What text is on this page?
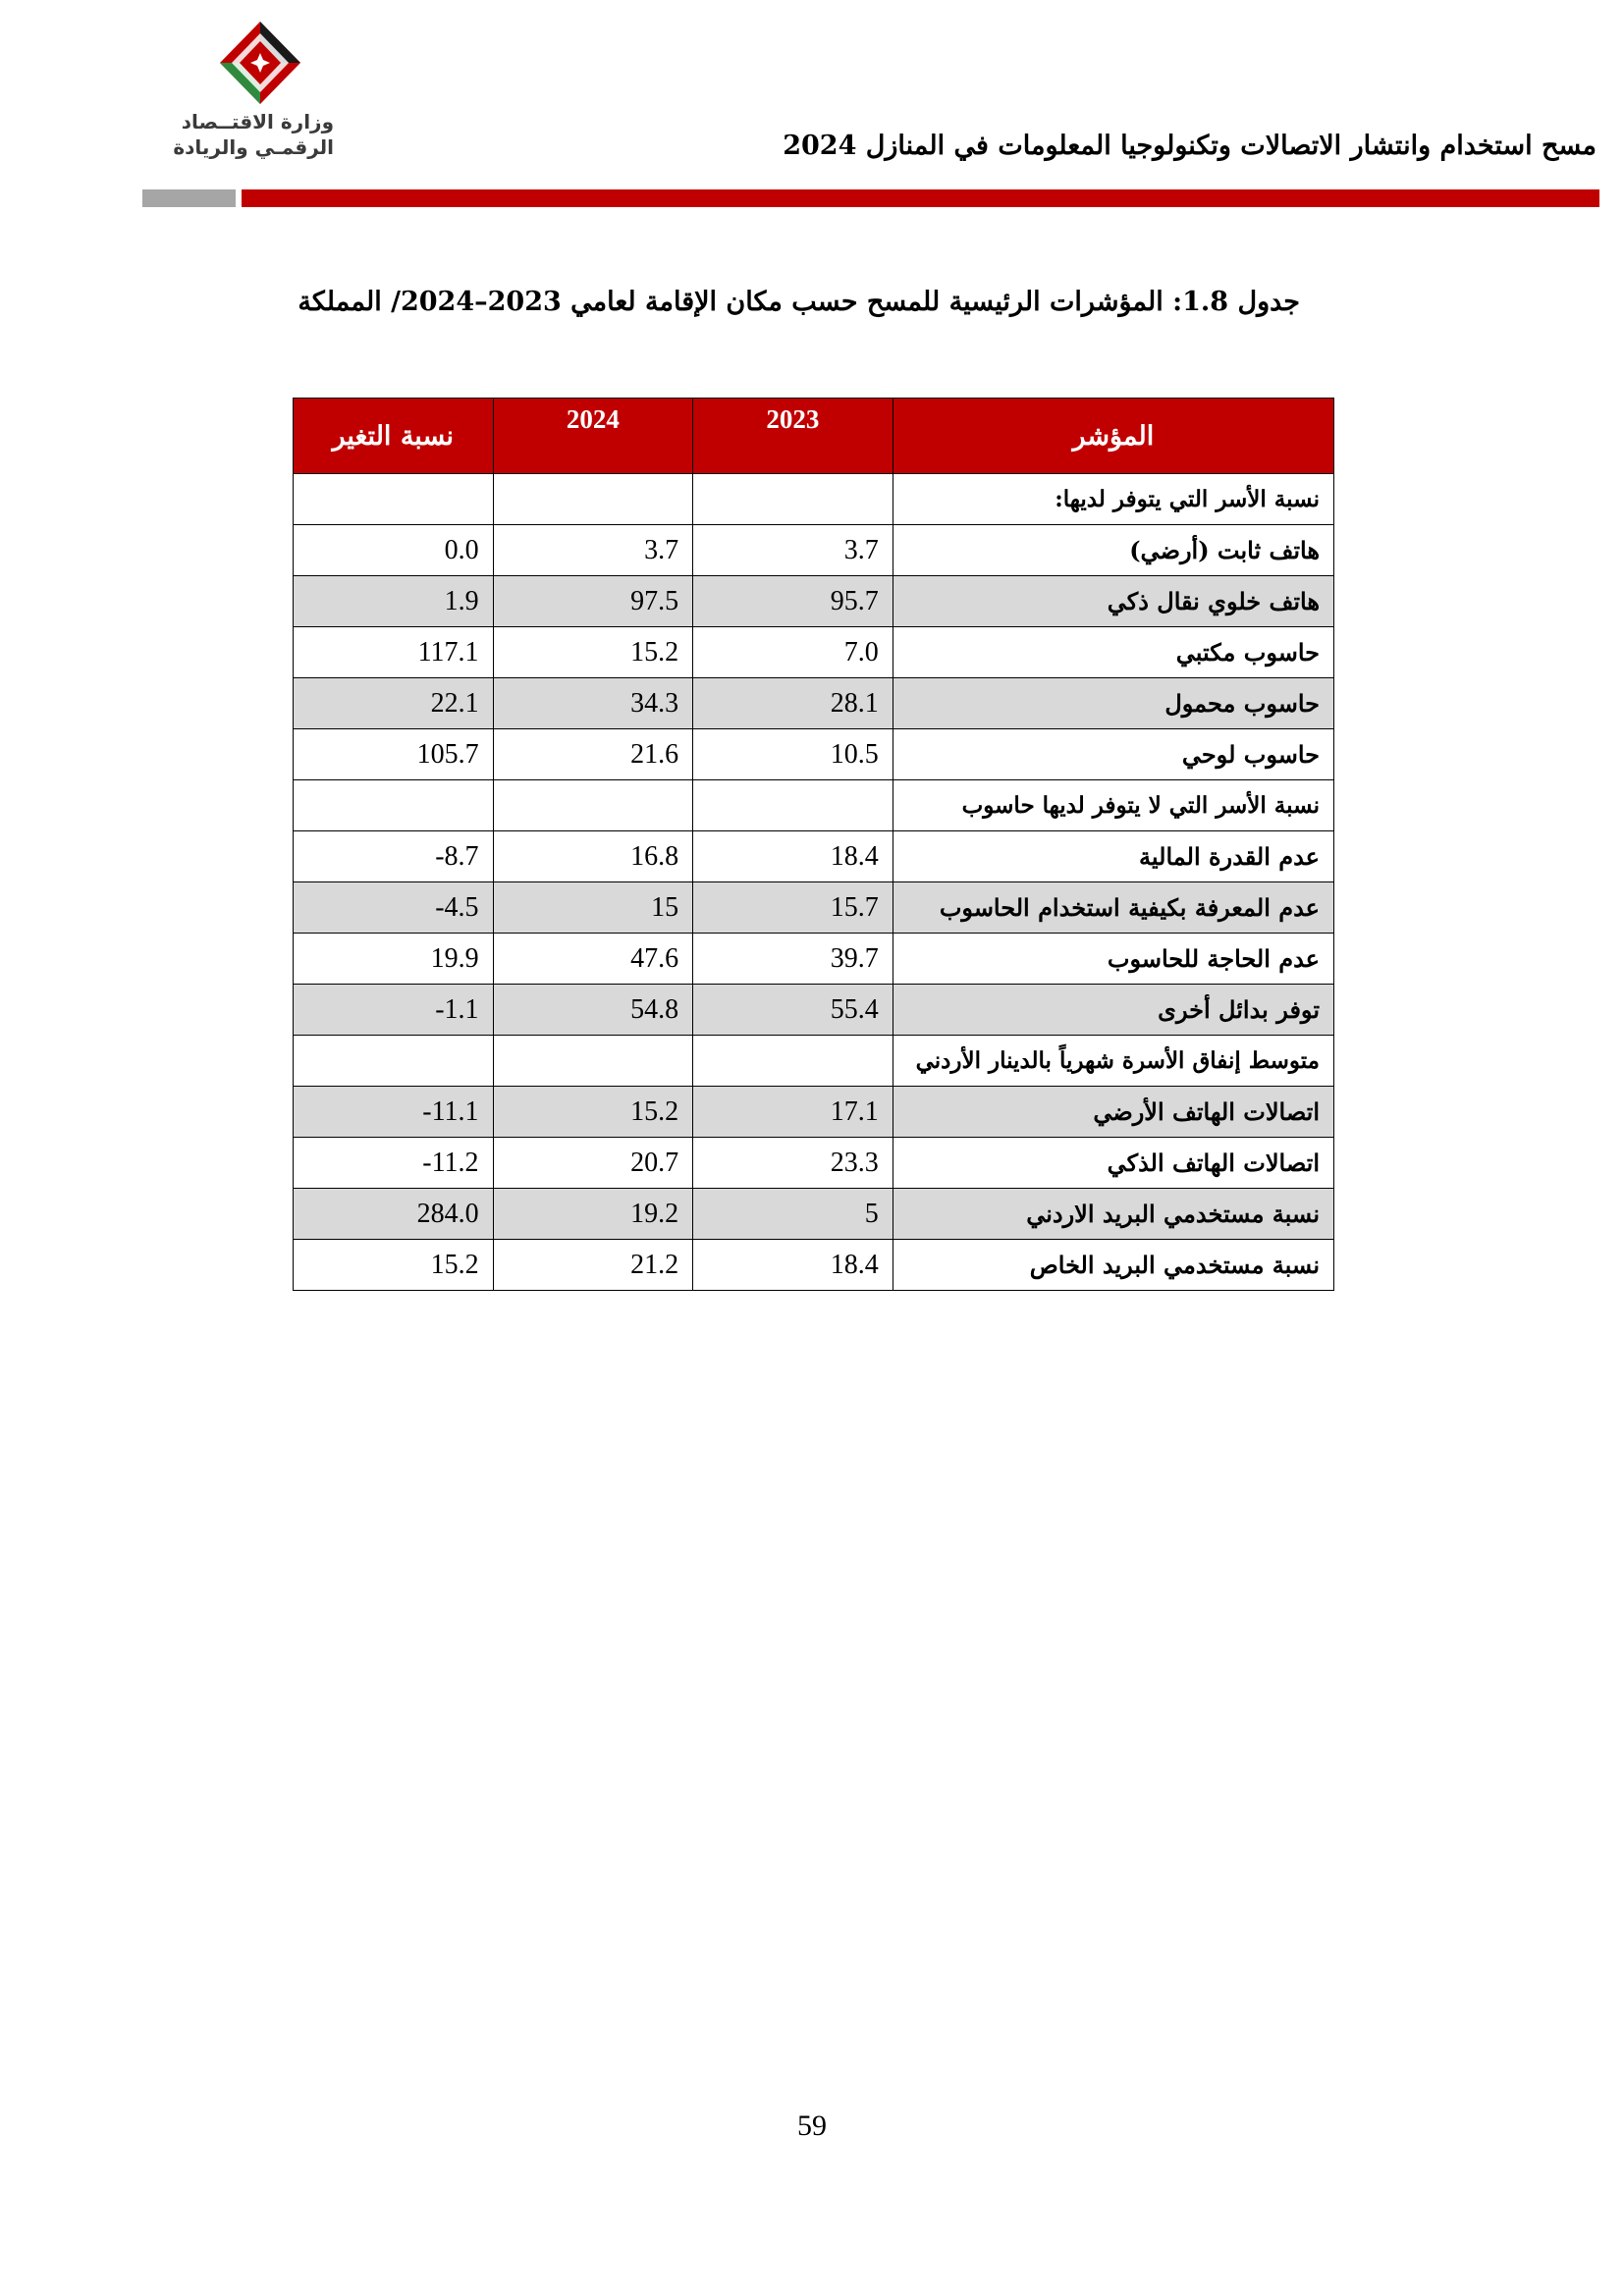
وزارة الاقتــصاد
الرقمـي والريادة	مسح استخدام وانتشار الاتصالات وتكنولوجيا المعلومات في المنازل 2024
جدول 1.8: المؤشرات الرئيسية للمسح حسب مكان الإقامة لعامي 2023–2024/ المملكة
نسبة التغير	2024	2023	المؤشر
			نسبة الأسر التي يتوفر لديها:
0.0	3.7	3.7	هاتف ثابت (أرضي)
1.9	97.5	95.7	هاتف خلوي نقال ذكي
117.1	15.2	7.0	حاسوب مكتبي
22.1	34.3	28.1	حاسوب محمول
105.7	21.6	10.5	حاسوب لوحي
			نسبة الأسر التي لا يتوفر لديها حاسوب
-8.7	16.8	18.4	عدم القدرة المالية
-4.5	15	15.7	عدم المعرفة بكيفية استخدام الحاسوب
19.9	47.6	39.7	عدم الحاجة للحاسوب
-1.1	54.8	55.4	توفر بدائل أخرى
			متوسط إنفاق الأسرة شهرياً بالدينار الأردني
-11.1	15.2	17.1	اتصالات الهاتف الأرضي
-11.2	20.7	23.3	اتصالات الهاتف الذكي
284.0	19.2	5	نسبة مستخدمي البريد الاردني
15.2	21.2	18.4	نسبة مستخدمي البريد الخاص
59
